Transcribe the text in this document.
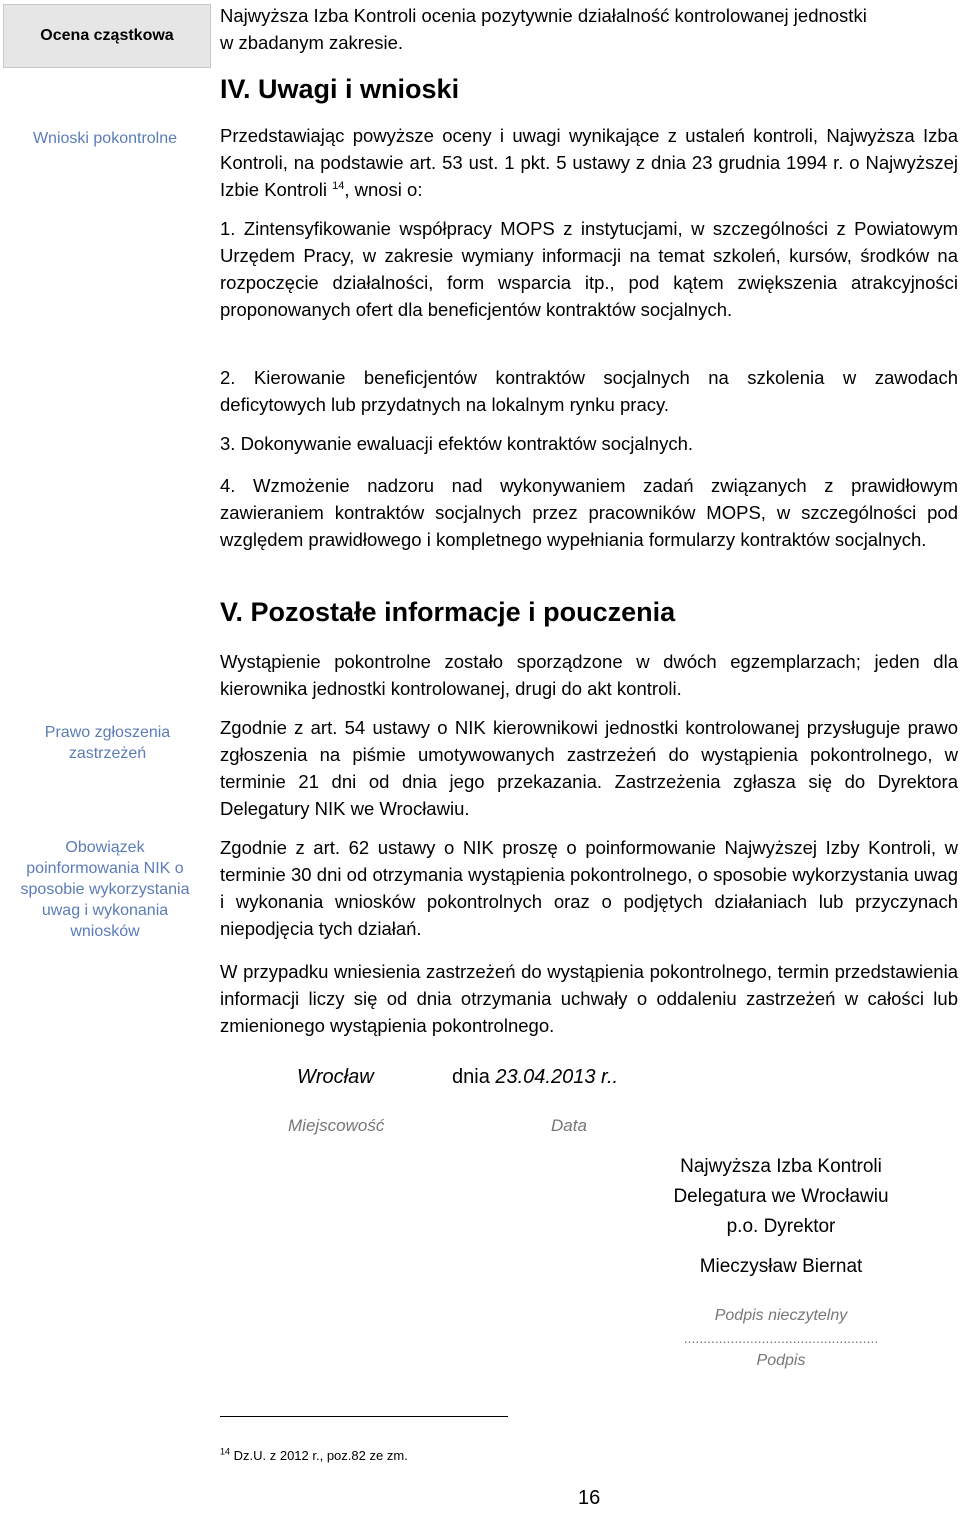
Ocena cząstkowa
Wnioski pokontrolne
Prawo zgłoszenia zastrzeżeń
Obowiązek poinformowania NIK o sposobie wykorzystania uwag i wykonania wniosków

Najwyższa Izba Kontroli ocenia pozytywnie działalność kontrolowanej jednostki
w zbadanym zakresie.

IV. Uwagi i wnioski

Przedstawiając powyższe oceny i uwagi wynikające z ustaleń kontroli, Najwyższa Izba Kontroli, na podstawie art. 53 ust. 1 pkt. 5 ustawy z dnia 23 grudnia 1994 r. o Najwyższej Izbie Kontroli $^{14}$, wnosi o:

1. Zintensyfikowanie współpracy MOPS z instytucjami, w szczególności z Powiatowym Urzędem Pracy, w zakresie wymiany informacji na temat szkoleń, kursów, środków na rozpoczęcie działalności, form wsparcia itp., pod kątem zwiększenia atrakcyjności proponowanych ofert dla beneficjentów kontraktów socjalnych.
2. Kierowanie beneficjentów kontraktów socjalnych na szkolenia w zawodach deficytowych lub przydatnych na lokalnym rynku pracy.
3. Dokonywanie ewaluacji efektów kontraktów socjalnych.
4. Wzmożenie nadzoru nad wykonywaniem zadań związanych z prawidłowym zawieraniem kontraktów socjalnych przez pracowników MOPS, w szczególności pod względem prawidłowego i kompletnego wypełniania formularzy kontraktów socjalnych.
V. Pozostałe informacje i pouczenia
Wystąpienie pokontrolne zostało sporządzone w dwóch egzemplarzach; jeden dla kierownika jednostki kontrolowanej, drugi do akt kontroli.
Zgodnie z art. 54 ustawy o NIK kierownikowi jednostki kontrolowanej przysługuje prawo zgłoszenia na piśmie umotywowanych zastrzeżeń do wystąpienia pokontrolnego, w terminie 21 dni od dnia jego przekazania. Zastrzeżenia zgłasza się do Dyrektora Delegatury NIK we Wrocławiu.
Zgodnie z art. 62 ustawy o NIK proszę o poinformowanie Najwyższej Izby Kontroli, w terminie 30 dni od otrzymania wystąpienia pokontrolnego, o sposobie wykorzystania uwag i wykonania wniosków pokontrolnych oraz o podjętych działaniach lub przyczynach niepodjęcia tych działań.
W przypadku wniesienia zastrzeżeń do wystąpienia pokontrolnego, termin przedstawienia informacji liczy się od dnia otrzymania uchwały o oddaleniu zastrzeżeń w całości lub zmienionego wystąpienia pokontrolnego.
Wrocław	dnia 23.04.2013 r..
Miejscowość	Data
Najwyższa Izba Kontroli
Delegatura we Wrocławiu
p.o. Dyrektor
Mieczysław Biernat
Podpis nieczytelny
..................................................
Podpis
$^{14}$ Dz.U. z 2012 r., poz.82 ze zm.
16
